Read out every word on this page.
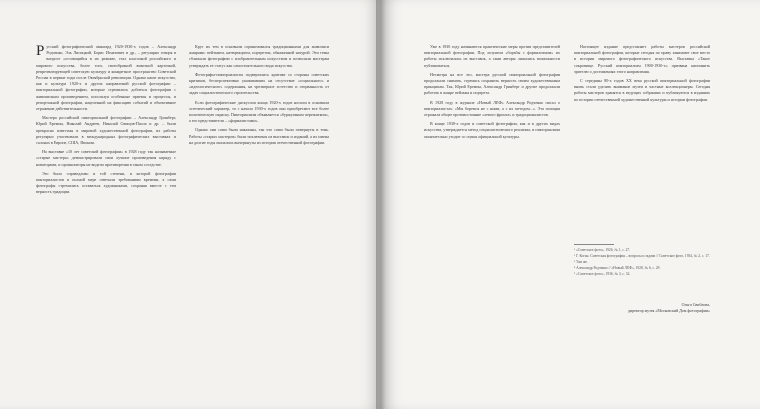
Русский фотографический авангард 1920-1930-х годов – Александр Родченко, Эль Лисицкий, Борис Игнатович и др., – регулярно говоря в вопросе «остающийся в их режиме, стал классикой российского и мирового искусства, более того, своеобразной визитной карточкой, репрезентирующей советскую культуру и конкретное пространство Советской России в первые годы после Октябрьской революции. Однако наше искусство, как и культура 1920-х и других направлений русской фотографии – пикториальной фотографии, которые стремились добиться фотографии с живописным произведением, используя особенные приемы и процессы, и репортажной фотографии, нацеленной на фиксацию событий и объективное отражение действительности.

Мастера российской пикториальной фотографии – Александр Гринберг, Юрий Еремин, Николай Андреев, Николай Свищов-Паола и др. – были прекрасно известны в мировой художественной фотографии, их работы регулярно участвовали в международных фотографических выставках и салонах в Европе, США, Японии.

На выставке «10 лет советской фотографии» в 1928 году так называемые «старые мастера» демонстрировали свои лучшие произведения наряду с новаторами, и организаторы не видели противоречия в таком соседстве.

Это было справедливо и той степени, в которой фотографии пикториалистов в полной мере отвечали требованиям времени, а сами фотографы стремились оставаться художниками, сохраняя вместе с тем верность традиции.

Круг их тем в основном ограничивался традиционными для живописи жанрами: пейзажем, натюрмортом, портретом, обнаженной натурой. Эти темы сближали фотографию с изобразительным искусством и позволяли мастерам утверждать ее статус как самостоятельного вида искусства.

Фотографы-пикториалисты подвергались критике со стороны советских критиков, бесперспективно указывавших на отсутствие «социального» и «идеологического» содержания, на чрезмерное эстетство и оторванность от задач социалистического строительства.

Если фотографические дискуссии конца 1920-х годов носили в основном эстетический характер, то с начала 1930-х годов они приобретают все более политическую окраску. Пикториализм объявляется «буржуазным пережитком», а его представители – «формалистами».

Однако они сами были наказаны, так что сами были повернуты в тень. Работы «старых мастеров» были исключены из выставок и изданий, а их имена на долгие годы оказались вычеркнуты из истории отечественной фотографии.

Уже в 1930 году начинаются практические меры против представителей пикториальной фотографии. Под лозунгом «борьбы с формализмом» их работы исключались из выставок, а сами авторы лишались возможности публиковаться.

Несмотря на все это, мастера русской пикториальной фотографии продолжали снимать, стремясь сохранить верность своим художественным принципам. Так, Юрий Еремин, Александр Гринберг и другие продолжали работать в жанре пейзажа и портрета.

В 1928 году в журнале «Новый ЛЕФ» Александр Родченко писал о пикториалистах: «Мы боремся не с ними, а с их методом...». Эта позиция отражала общее противостояние «левого фронта» и традиционалистов.

В конце 1930-х годов и советской фотографии, как и в других видах искусства, утверждается метод социалистического реализма, и пикториализм окончательно уходит со сцены официальной культуры.

Настоящее издание представляет работы мастеров российской пикториальной фотографии, которые сегодня по праву занимают свое место в истории мирового фотографического искусства. Выставка «Такое сокровище. Русский пикториализм 1900-1930-х» призвана напомнить зрителю о достижениях этого направления.

С середины 80-х годов XX века русской пикториальной фотографии вновь стали уделять внимание музеи и частные коллекционеры. Сегодня работы мастеров хранятся в ведущих собраниях и публикуются в изданиях по истории отечественной художественной культуры и истории фотографии.

¹ «Советское фото», 1926, № 1, с. 27.
² Г. Коган. Советская фотография – вопросы и задачи // Советское фото, 1934, № 2, с. 17.
³ Там же.
⁴ Александр Родченко // «Новый ЛЕФ», 1928, № 6, с. 29.
⁵ «Советское фото», 1936, № 3, с. 32.
Ольга Свиблова,
директор музея «Московский Дом фотографии»
